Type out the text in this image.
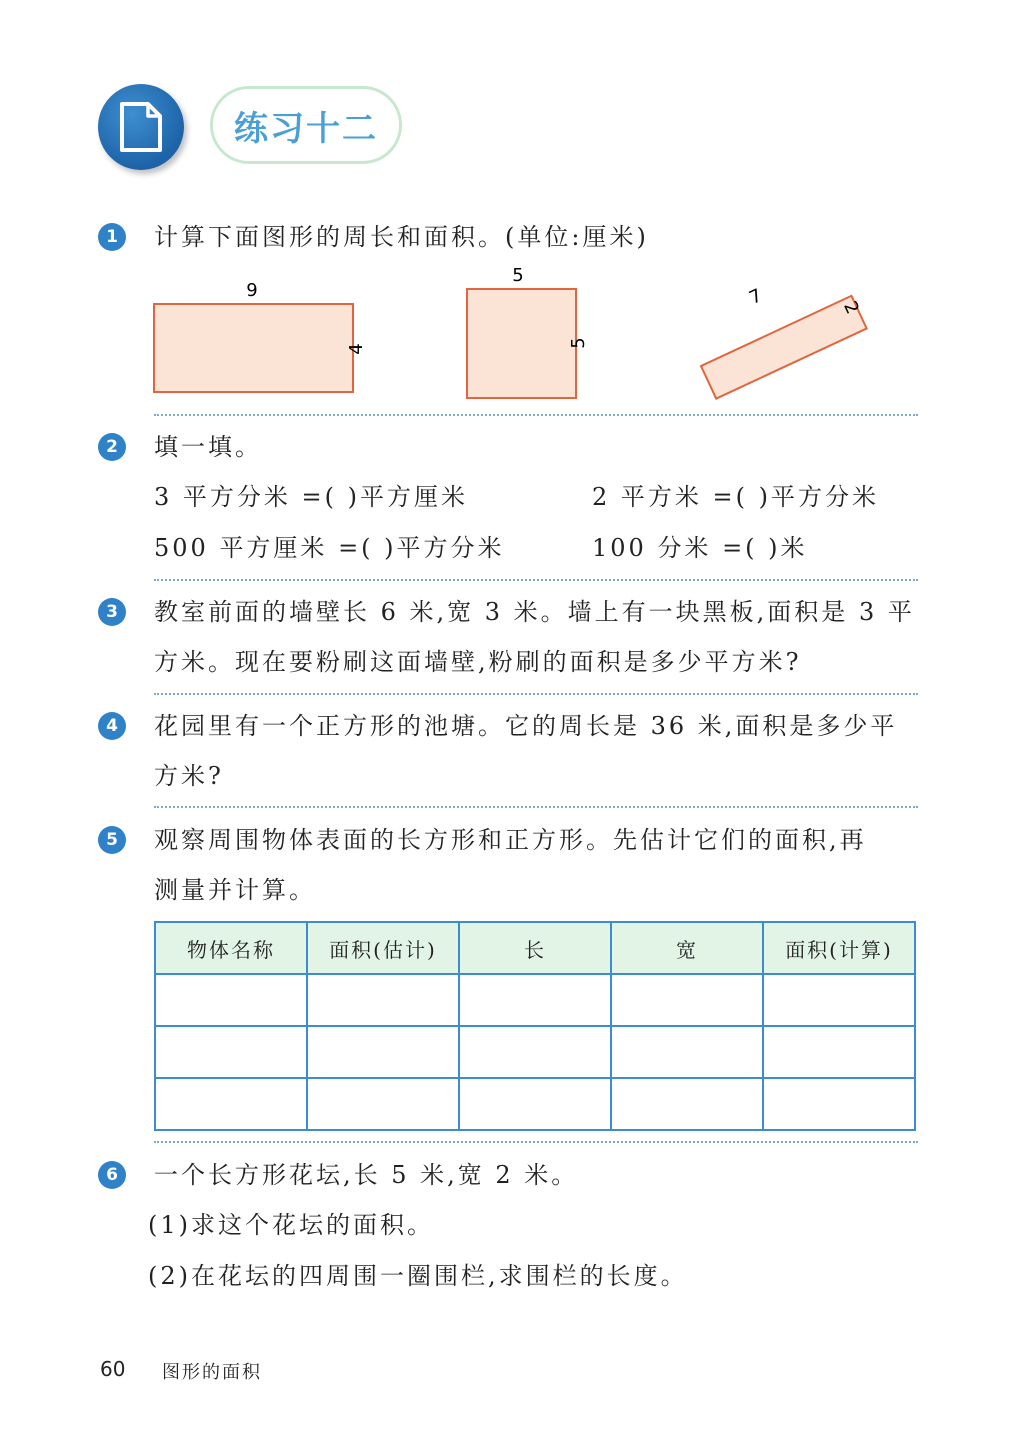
练习十二
1 计算下面图形的周长和面积。(单位:厘米)
9
4
5
5
7	2
2 填一填。
3 平方分米 =( )平方厘米	2 平方米 =( )平方分米
500 平方厘米 =( )平方分米	100 分米 =( )米
3 教室前面的墙壁长 6 米,宽 3 米。墙上有一块黑板,面积是 3 平
方米。现在要粉刷这面墙壁,粉刷的面积是多少平方米?
4 花园里有一个正方形的池塘。它的周长是 36 米,面积是多少平
方米?
5 观察周围物体表面的长方形和正方形。先估计它们的面积,再
测量并计算。
物体名称	面积(估计)	长	宽	面积(计算)

6 一个长方形花坛,长 5 米,宽 2 米。
(1)求这个花坛的面积。
(2)在花坛的四周围一圈围栏,求围栏的长度。
60 图形的面积
